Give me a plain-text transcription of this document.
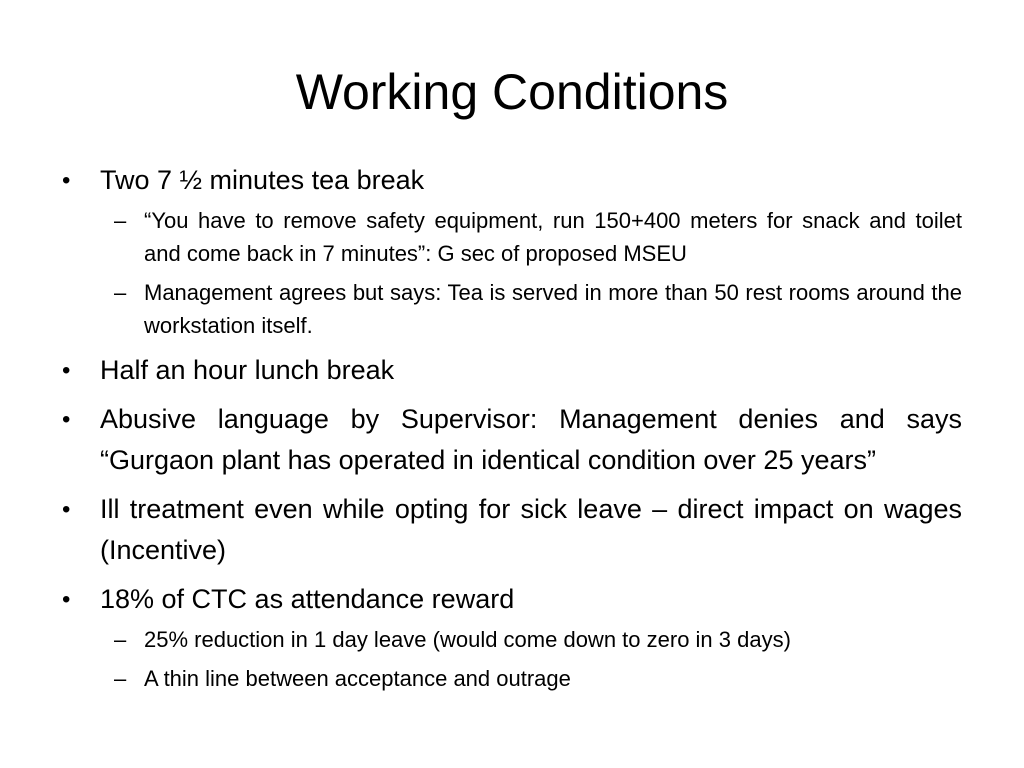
Working Conditions
•	Two 7 ½ minutes tea break
– “You have to remove safety equipment, run 150+400 meters for snack and toilet and come back in 7 minutes”: G sec of proposed MSEU
– Management agrees but says: Tea is served in more than 50 rest rooms around the workstation itself.
•	Half an hour lunch break
•	Abusive language by Supervisor: Management denies and says “Gurgaon plant has operated in identical condition over 25 years”
•	Ill treatment even while opting for sick leave – direct impact on wages (Incentive)
•	18% of CTC as attendance reward
– 25% reduction in 1 day leave (would come down to zero in 3 days)
– A thin line between acceptance and outrage
